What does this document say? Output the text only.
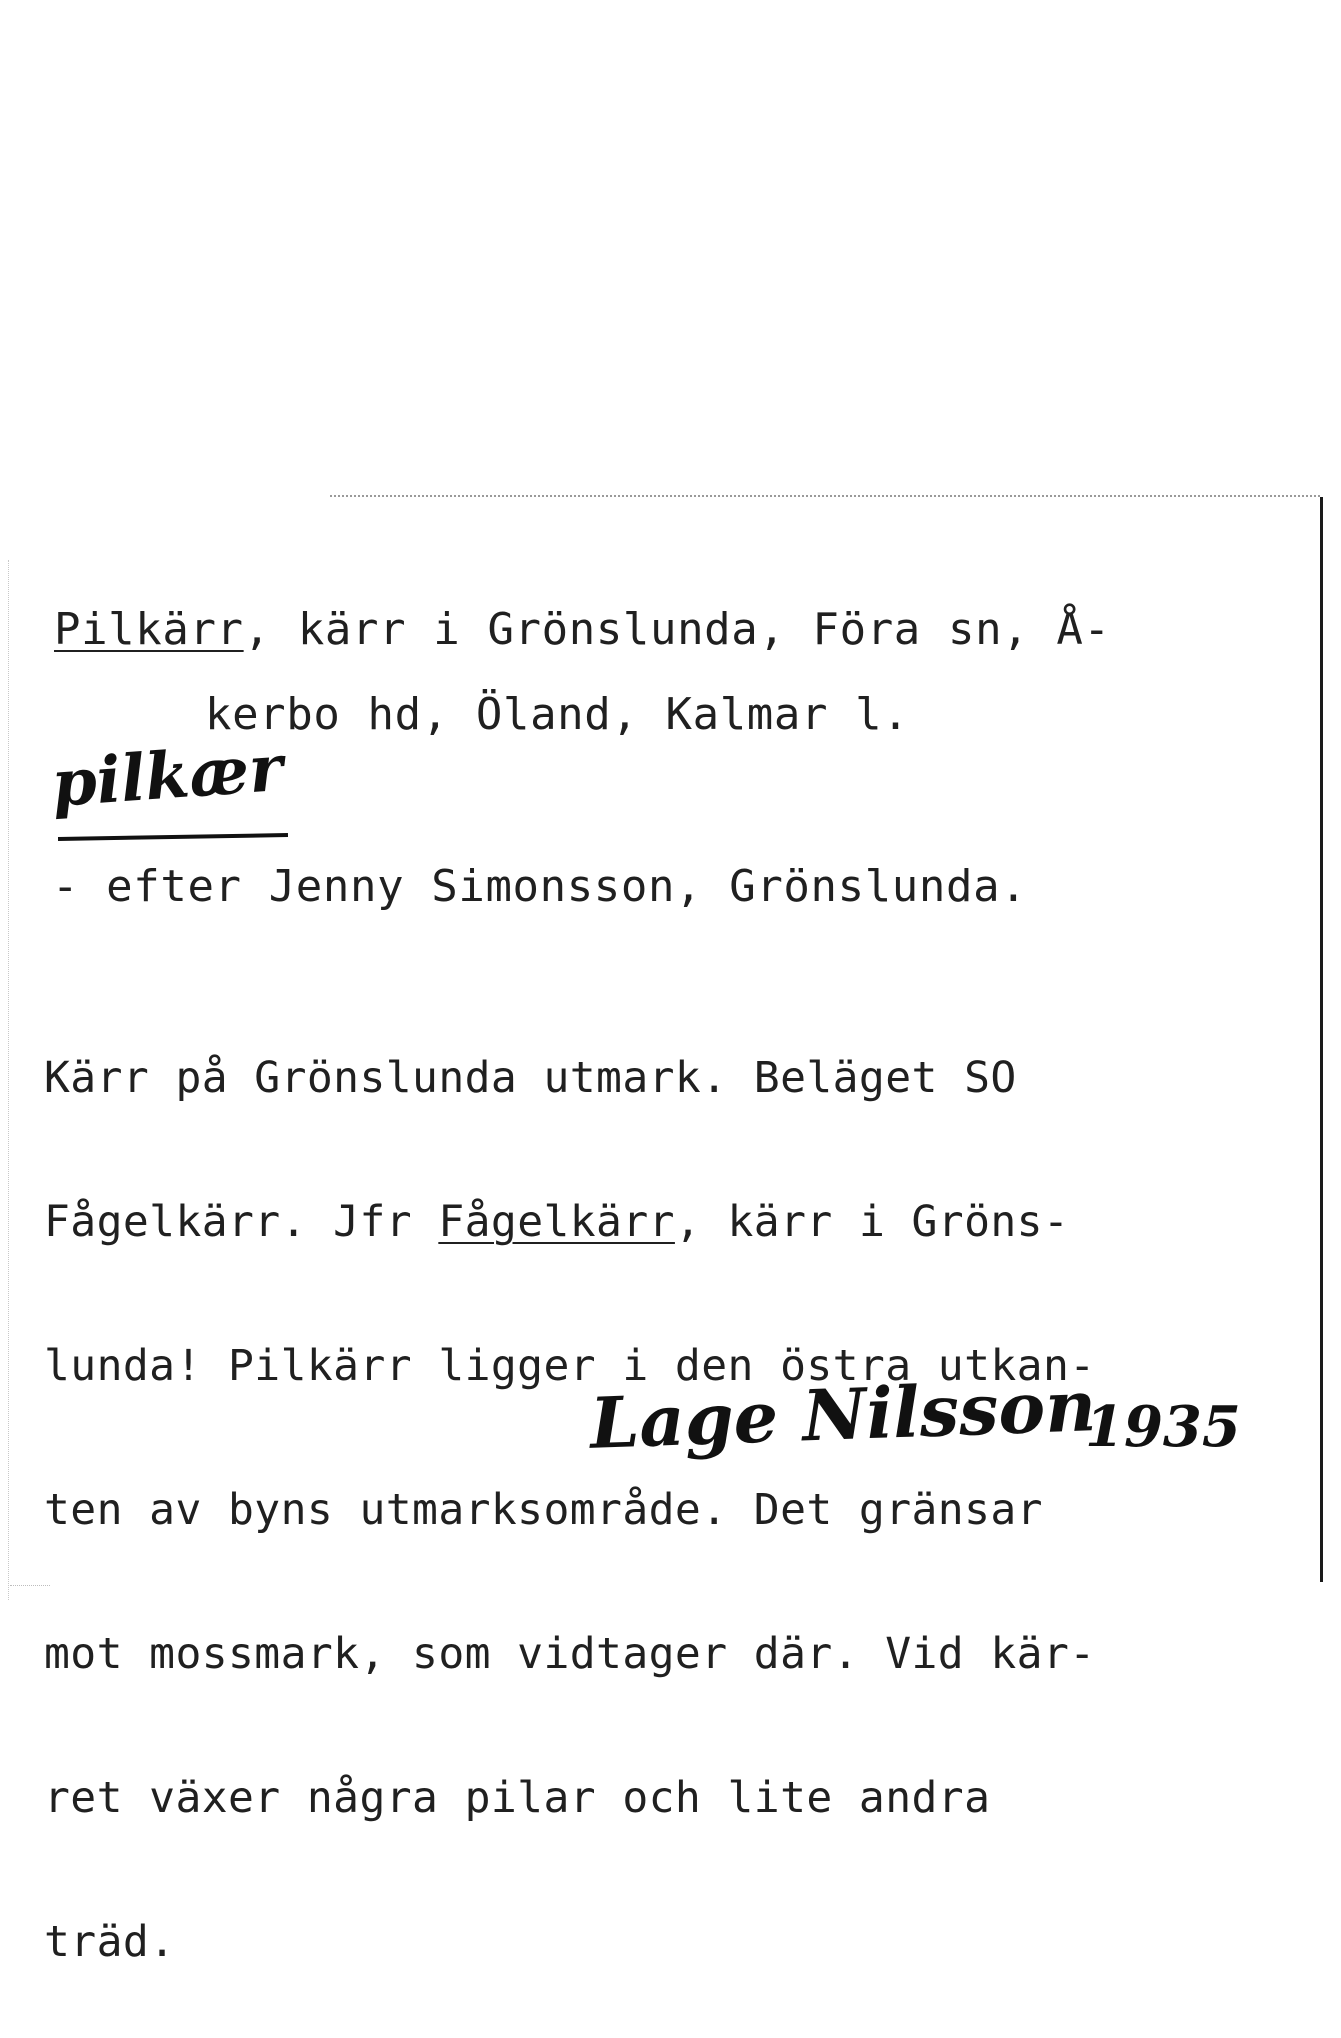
Pilkärr, kärr i Grönslunda, Föra sn, Å-
kerbo hd, Öland, Kalmar l.
pilkær
- efter Jenny Simonsson, Grönslunda.

Kärr på Grönslunda utmark. Beläget SO

Fågelkärr. Jfr Fågelkärr, kärr i Gröns-

lunda! Pilkärr ligger i den östra utkan-

ten av byns utmarksområde. Det gränsar

mot mossmark, som vidtager där. Vid kär-

ret växer några pilar och lite andra

träd.

Lage Nilsson
1935
